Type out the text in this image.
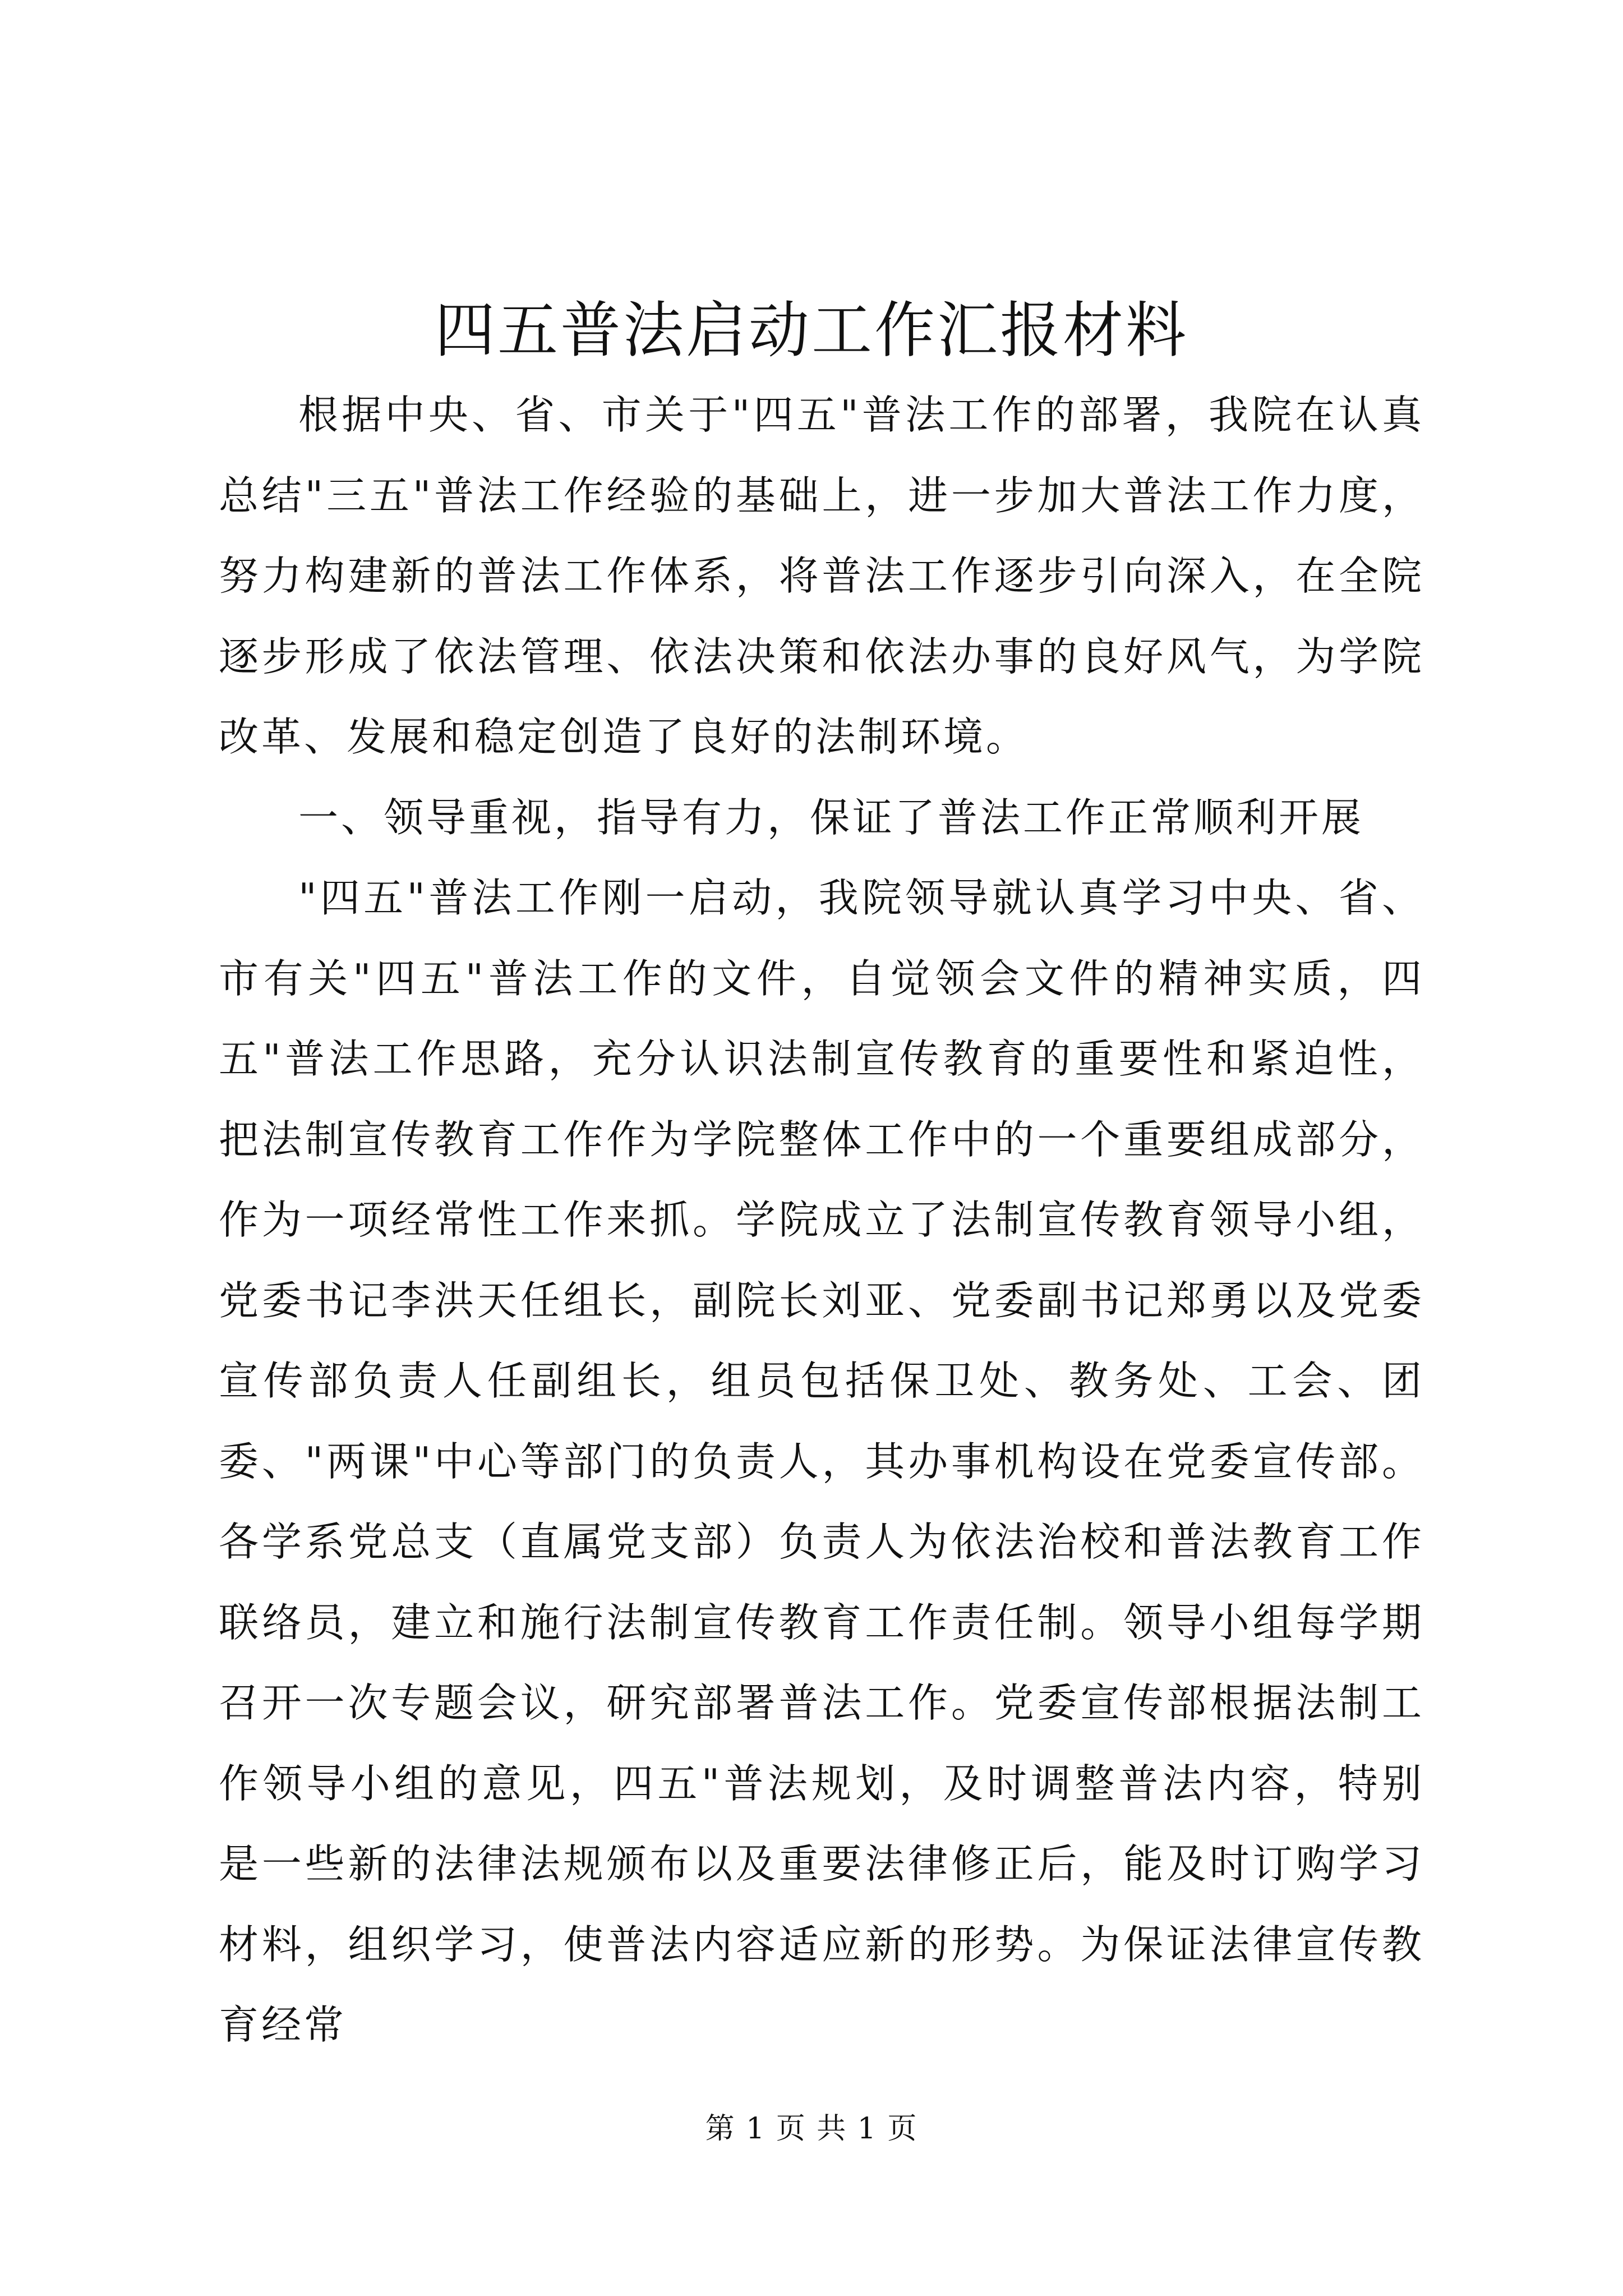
四五普法启动工作汇报材料

根据中央、省、市关于"四五"普法工作的部署，我院在认真总结"三五"普法工作经验的基础上，进一步加大普法工作力度，努力构建新的普法工作体系，将普法工作逐步引向深入，在全院逐步形成了依法管理、依法决策和依法办事的良好风气，为学院改革、发展和稳定创造了良好的法制环境。

一、领导重视，指导有力，保证了普法工作正常顺利开展

"四五"普法工作刚一启动，我院领导就认真学习中央、省、市有关"四五"普法工作的文件，自觉领会文件的精神实质，四五"普法工作思路，充分认识法制宣传教育的重要性和紧迫性，把法制宣传教育工作作为学院整体工作中的一个重要组成部分，作为一项经常性工作来抓。学院成立了法制宣传教育领导小组，党委书记李洪天任组长，副院长刘亚、党委副书记郑勇以及党委宣传部负责人任副组长，组员包括保卫处、教务处、工会、团委、"两课"中心等部门的负责人，其办事机构设在党委宣传部。各学系党总支（直属党支部）负责人为依法治校和普法教育工作联络员，建立和施行法制宣传教育工作责任制。领导小组每学期召开一次专题会议，研究部署普法工作。党委宣传部根据法制工作领导小组的意见，四五"普法规划，及时调整普法内容，特别是一些新的法律法规颁布以及重要法律修正后，能及时订购学习材料，组织学习，使普法内容适应新的形势。为保证法律宣传教育经常

第 1 页 共 1 页
